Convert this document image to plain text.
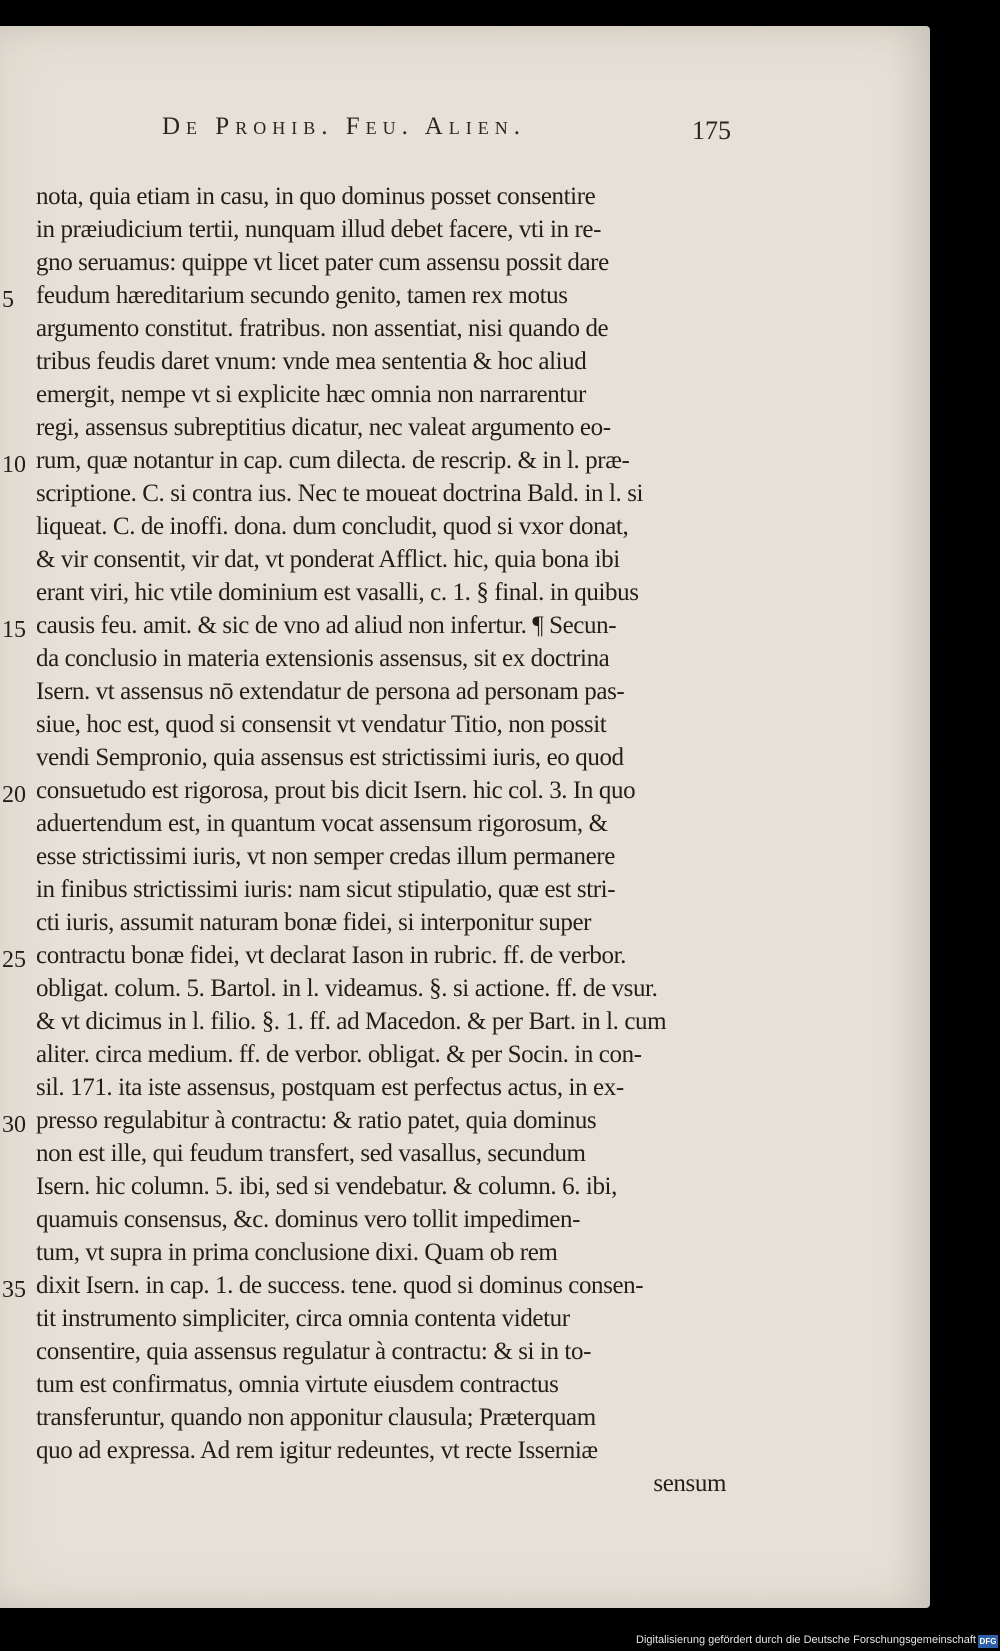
De Prohib. Feu. Alien.	175
5
10
15
20
25
30
35
nota, quia etiam in casu, in quo dominus posset consentire
in præiudicium tertii, nunquam illud debet facere, vti in re-
gno seruamus: quippe vt licet pater cum assensu possit dare
feudum hæreditarium secundo genito, tamen rex motus
argumento constitut. fratribus. non assentiat, nisi quando de
tribus feudis daret vnum: vnde mea sententia & hoc aliud
emergit, nempe vt si explicite hæc omnia non narrarentur
regi, assensus subreptitius dicatur, nec valeat argumento eo-
rum, quæ notantur in cap. cum dilecta. de rescrip. & in l. præ-
scriptione. C. si contra ius. Nec te moueat doctrina Bald. in l. si
liqueat. C. de inoffi. dona. dum concludit, quod si vxor donat,
& vir consentit, vir dat, vt ponderat Afflict. hic, quia bona ibi
erant viri, hic vtile dominium est vasalli, c. 1. § final. in quibus
causis feu. amit. & sic de vno ad aliud non infertur. ¶ Secun-
da conclusio in materia extensionis assensus, sit ex doctrina
Isern. vt assensus nō extendatur de persona ad personam pas-
siue, hoc est, quod si consensit vt vendatur Titio, non possit
vendi Sempronio, quia assensus est strictissimi iuris, eo quod
consuetudo est rigorosa, prout bis dicit Isern. hic col. 3. In quo
aduertendum est, in quantum vocat assensum rigorosum, &
esse strictissimi iuris, vt non semper credas illum permanere
in finibus strictissimi iuris: nam sicut stipulatio, quæ est stri-
cti iuris, assumit naturam bonæ fidei, si interponitur super
contractu bonæ fidei, vt declarat Iason in rubric. ff. de verbor.
obligat. colum. 5. Bartol. in l. videamus. §. si actione. ff. de vsur.
& vt dicimus in l. filio. §. 1. ff. ad Macedon. & per Bart. in l. cum
aliter. circa medium. ff. de verbor. obligat. & per Socin. in con-
sil. 171. ita iste assensus, postquam est perfectus actus, in ex-
presso regulabitur à contractu: & ratio patet, quia dominus
non est ille, qui feudum transfert, sed vasallus, secundum
Isern. hic column. 5. ibi, sed si vendebatur. & column. 6. ibi,
quamuis consensus, &c. dominus vero tollit impedimen-
tum, vt supra in prima conclusione dixi. Quam ob rem
dixit Isern. in cap. 1. de success. tene. quod si dominus consen-
tit instrumento simpliciter, circa omnia contenta videtur
consentire, quia assensus regulatur à contractu: & si in to-
tum est confirmatus, omnia virtute eiusdem contractus
transferuntur, quando non apponitur clausula; Præterquam
quo ad expressa. Ad rem igitur redeuntes, vt recte Isserniæ
sensum
Digitalisierung gefördert durch die Deutsche Forschungsgemeinschaft DFG
